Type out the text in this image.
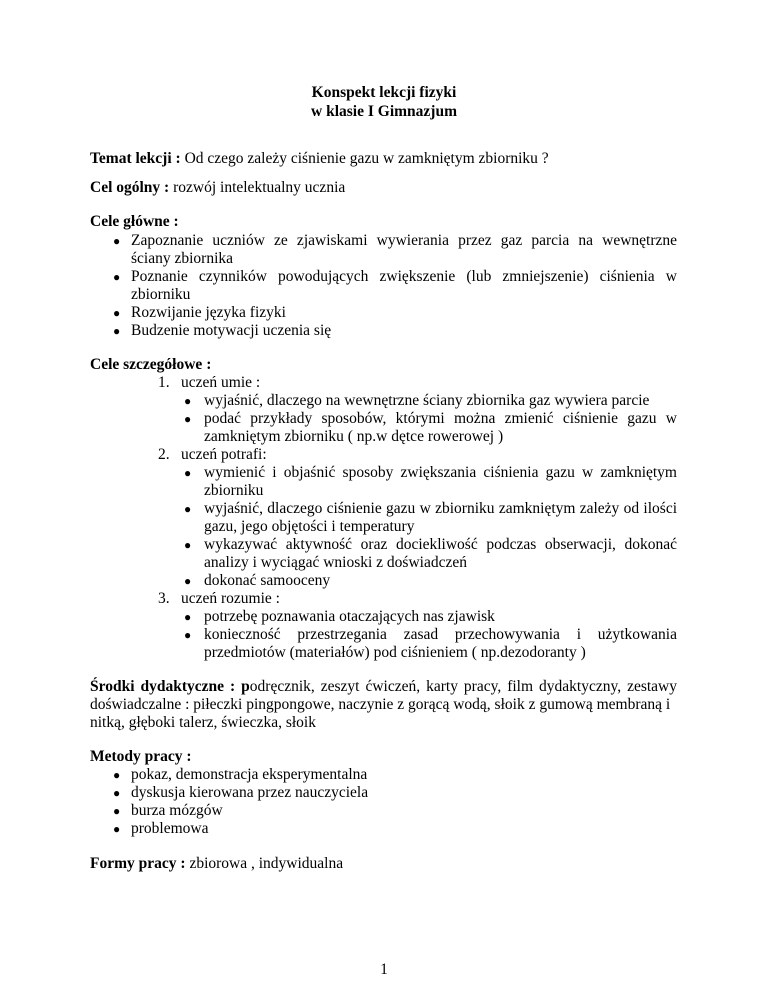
Konspekt lekcji fizyki
w klasie I Gimnazjum
Temat lekcji : Od czego zależy ciśnienie gazu w zamkniętym zbiorniku ?
Cel ogólny : rozwój intelektualny ucznia
Cele główne :
● Zapoznanie uczniów ze zjawiskami wywierania przez gaz parcia na wewnętrzne
ściany zbiornika
● Poznanie czynników powodujących zwiększenie (lub zmniejszenie) ciśnienia w
zbiorniku
● Rozwijanie języka fizyki
● Budzenie motywacji uczenia się
Cele szczegółowe :
1. uczeń umie :
● wyjaśnić, dlaczego na wewnętrzne ściany zbiornika gaz wywiera parcie
● podać przykłady sposobów, którymi można zmienić ciśnienie gazu w
zamkniętym zbiorniku ( np.w dętce rowerowej )
2. uczeń potrafi:
● wymienić i objaśnić sposoby zwiększania ciśnienia gazu w zamkniętym
zbiorniku
● wyjaśnić, dlaczego ciśnienie gazu w zbiorniku zamkniętym zależy od ilości
gazu, jego objętości i temperatury
● wykazywać aktywność oraz dociekliwość podczas obserwacji, dokonać
analizy i wyciągać wnioski z doświadczeń
● dokonać samooceny
3. uczeń rozumie :
● potrzebę poznawania otaczających nas zjawisk
● konieczność przestrzegania zasad przechowywania i użytkowania
przedmiotów (materiałów) pod ciśnieniem ( np.dezodoranty )
Środki dydaktyczne : podręcznik, zeszyt ćwiczeń, karty pracy, film dydaktyczny, zestawy
doświadczalne : piłeczki pingpongowe, naczynie z gorącą wodą, słoik z gumową membraną i
nitką, głęboki talerz, świeczka, słoik
Metody pracy :
● pokaz, demonstracja eksperymentalna
● dyskusja kierowana przez nauczyciela
● burza mózgów
● problemowa
Formy pracy : zbiorowa , indywidualna
1
